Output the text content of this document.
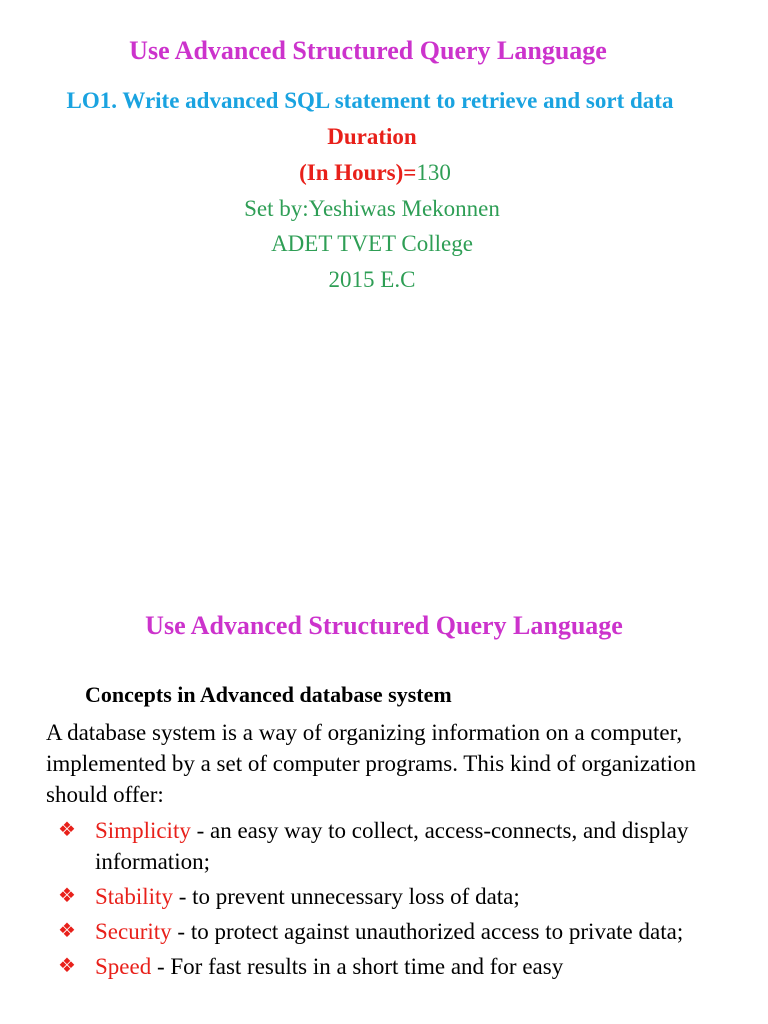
Use Advanced Structured Query Language
LO1. Write advanced SQL statement to retrieve and sort data
Duration
(In Hours)=130
Set by:Yeshiwas Mekonnen
ADET TVET College
2015 E.C
Use Advanced Structured Query Language
Concepts in Advanced database system
A database system is a way of organizing information on a computer, implemented by a set of computer programs. This kind of organization should offer:
❖ Simplicity - an easy way to collect, access-connects, and display information;
❖ Stability - to prevent unnecessary loss of data;
❖ Security - to protect against unauthorized access to private data;
❖ Speed - For fast results in a short time and for easy
